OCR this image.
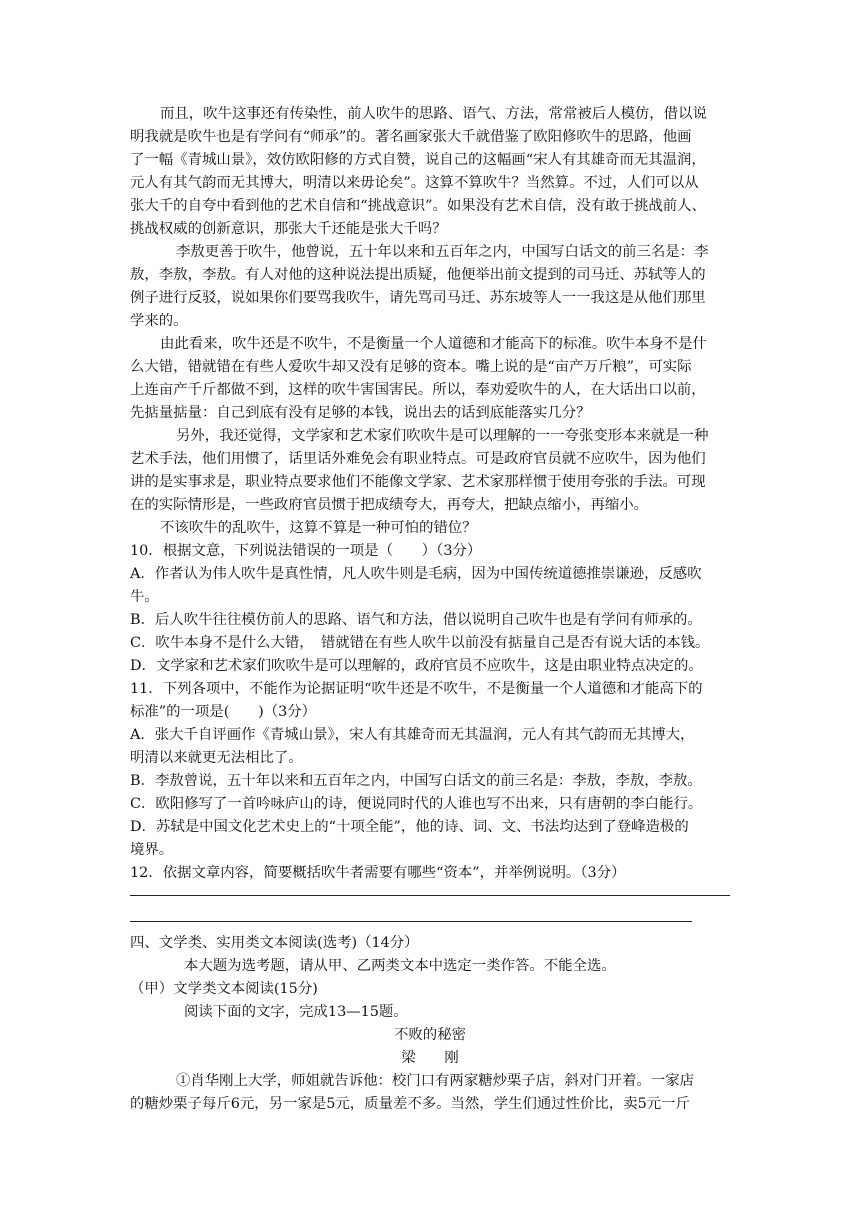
而且，吹牛这事还有传染性，前人吹牛的思路、语气、方法，常常被后人模仿，借以说
明我就是吹牛也是有学问有“师承”的。著名画家张大千就借鉴了欧阳修吹牛的思路，他画
了一幅《青城山景》，效仿欧阳修的方式自赞，说自己的这幅画“宋人有其雄奇而无其温润，
元人有其气韵而无其博大，明清以来毋论矣”。这算不算吹牛？当然算。不过，人们可以从
张大千的自夸中看到他的艺术自信和“挑战意识”。如果没有艺术自信，没有敢于挑战前人、
挑战权威的创新意识，那张大千还能是张大千吗？
李敖更善于吹牛，他曾说，五十年以来和五百年之内，中国写白话文的前三名是：李
敖，李敖，李敖。有人对他的这种说法提出质疑，他便举出前文提到的司马迁、苏轼等人的
例子进行反驳，说如果你们要骂我吹牛，请先骂司马迁、苏东坡等人一一我这是从他们那里
学来的。
由此看来，吹牛还是不吹牛，不是衡量一个人道德和才能高下的标准。吹牛本身不是什
么大错，错就错在有些人爱吹牛却又没有足够的资本。嘴上说的是“亩产万斤粮”，可实际
上连亩产千斤都做不到，这样的吹牛害国害民。所以，奉劝爱吹牛的人，在大话出口以前，
先掂量掂量：自己到底有没有足够的本钱，说出去的话到底能落实几分？
另外，我还觉得，文学家和艺术家们吹吹牛是可以理解的一一夸张变形本来就是一种
艺术手法，他们用惯了，话里话外难免会有职业特点。可是政府官员就不应吹牛，因为他们
讲的是实事求是，职业特点要求他们不能像文学家、艺术家那样惯于使用夸张的手法。可现
在的实际情形是，一些政府官员惯于把成绩夸大，再夸大，把缺点缩小，再缩小。
不该吹牛的乱吹牛，这算不算是一种可怕的错位？
10．根据文意，下列说法错误的一项是（　　）（3分）
A．作者认为伟人吹牛是真性情，凡人吹牛则是毛病，因为中国传统道德推崇谦逊，反感吹
牛。
B．后人吹牛往往模仿前人的思路、语气和方法，借以说明自己吹牛也是有学问有师承的。
C．吹牛本身不是什么大错，　错就错在有些人吹牛以前没有掂量自己是否有说大话的本钱。
D．文学家和艺术家们吹吹牛是可以理解的，政府官员不应吹牛，这是由职业特点决定的。
11．下列各项中，不能作为论据证明“吹牛还是不吹牛，不是衡量一个人道德和才能高下的
标准”的一项是(　　)（3分）
A．张大千自评画作《青城山景》，宋人有其雄奇而无其温润，元人有其气韵而无其博大，
明清以来就更无法相比了。
B．李敖曾说，五十年以来和五百年之内，中国写白话文的前三名是：李敖，李敖，李敖。
C．欧阳修写了一首吟咏庐山的诗，便说同时代的人谁也写不出来，只有唐朝的李白能行。
D．苏轼是中国文化艺术史上的“十项全能”，他的诗、词、文、书法均达到了登峰造极的
境界。
12．依据文章内容，简要概括吹牛者需要有哪些“资本”，并举例说明。（3分）
四、文学类、实用类文本阅读(选考)（14分）
本大题为选考题，请从甲、乙两类文本中选定一类作答。不能全选。
（甲）文学类文本阅读(15分)
阅读下面的文字，完成13—15题。
不败的秘密
梁　　刚
①肖华刚上大学，师姐就告诉他：校门口有两家糖炒栗子店，斜对门开着。一家店
的糖炒栗子每斤6元，另一家是5元，质量差不多。当然，学生们通过性价比，卖5元一斤
